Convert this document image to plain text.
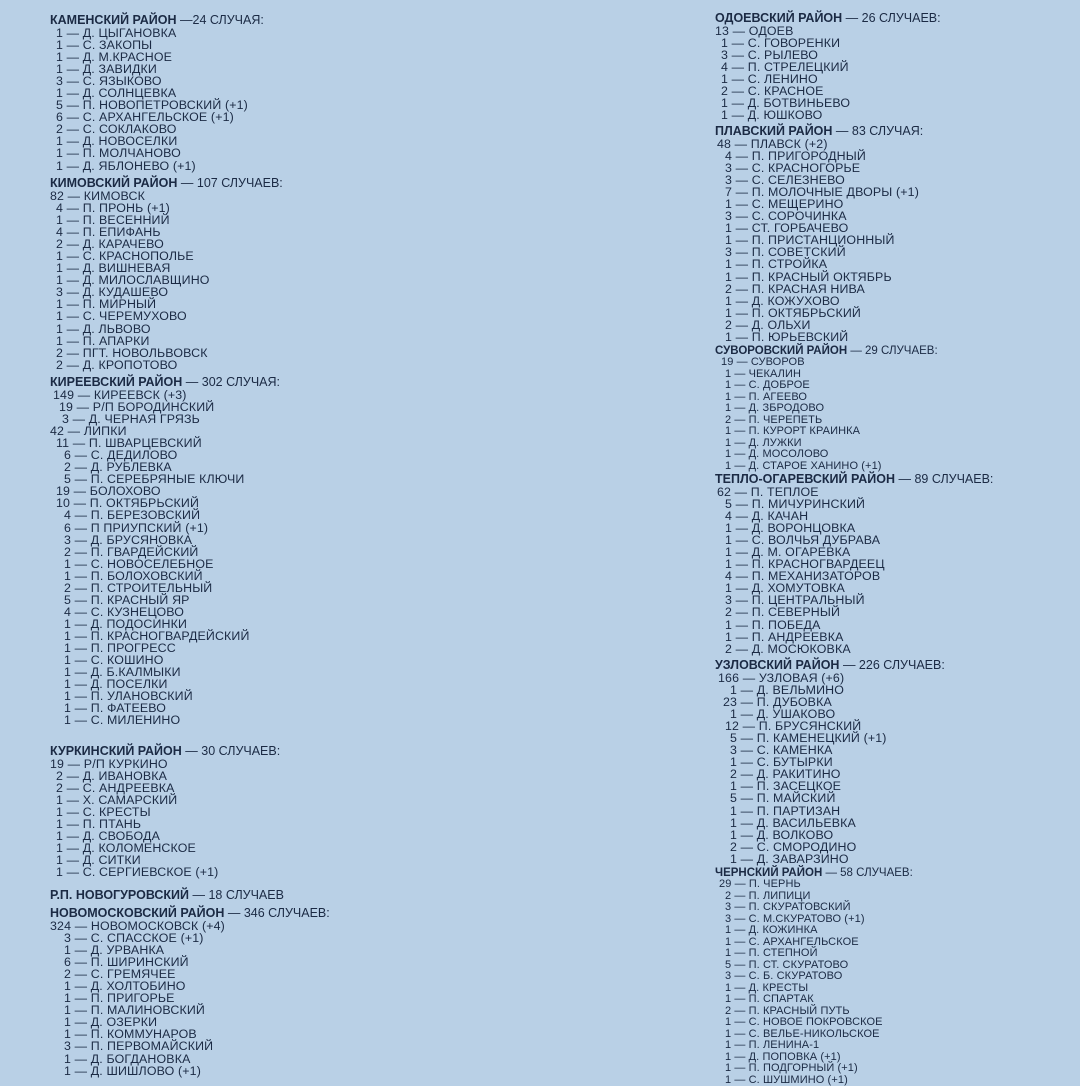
КАМЕНСКИЙ РАЙОН —24 СЛУЧАЯ:
1 — Д. ЦЫГАНОВКА
1 — С. ЗАКОПЫ
1 — Д. М.КРАСНОЕ
1 — Д. ЗАВИДКИ
3 — С. ЯЗЫКОВО
1 — Д. СОЛНЦЕВКА
5 — П. НОВОПЕТРОВСКИЙ (+1)
6 — С. АРХАНГЕЛЬСКОЕ (+1)
2 — С. СОКЛАКОВО
1 — Д. НОВОСЕЛКИ
1 — П. МОЛЧАНОВО
1 — Д. ЯБЛОНЕВО (+1)
КИМОВСКИЙ РАЙОН — 107 СЛУЧАЕВ:
82 — КИМОВСК
4 — П. ПРОНЬ (+1)
1 — П. ВЕСЕННИЙ
4 — П. ЕПИФАНЬ
2 — Д. КАРАЧЕВО
1 — С. КРАСНОПОЛЬЕ
1 — Д. ВИШНЕВАЯ
1 — Д. МИЛОСЛАВЩИНО
3 — Д. КУДАШЕВО
1 — П. МИРНЫЙ
1 — С. ЧЕРЕМУХОВО
1 — Д. ЛЬВОВО
1 — П. АПАРКИ
2 — ПГТ. НОВОЛЬВОВСК
2 — Д. КРОПОТОВО
КИРЕЕВСКИЙ РАЙОН — 302 СЛУЧАЯ:
149 — КИРЕЕВСК (+3)
19 — Р/П БОРОДИНСКИЙ
3 — Д. ЧЕРНАЯ ГРЯЗЬ
42 — ЛИПКИ
11 — П. ШВАРЦЕВСКИЙ
6 — С. ДЕДИЛОВО
2 — Д. РУБЛЕВКА
5 — П. СЕРЕБРЯНЫЕ КЛЮЧИ
19 — БОЛОХОВО
10 — П. ОКТЯБРЬСКИЙ
4 — П. БЕРЕЗОВСКИЙ
6 — П ПРИУПСКИЙ (+1)
3 — Д. БРУСЯНОВКА
2 — П. ГВАРДЕЙСКИЙ
1 — С. НОВОСЕЛЕБНОЕ
1 — П. БОЛОХОВСКИЙ
2 — П. СТРОИТЕЛЬНЫЙ
5 — П. КРАСНЫЙ ЯР
4 — С. КУЗНЕЦОВО
1 — Д. ПОДОСИНКИ
1 — П. КРАСНОГВАРДЕЙСКИЙ
1 — П. ПРОГРЕСС
1 — С. КОШИНО
1 — Д. Б.КАЛМЫКИ
1 — Д. ПОСЕЛКИ
1 — П. УЛАНОВСКИЙ
1 — П. ФАТЕЕВО
1 — С. МИЛЕНИНО
КУРКИНСКИЙ РАЙОН — 30 СЛУЧАЕВ:
19 — Р/П КУРКИНО
2 — Д. ИВАНОВКА
2 — С. АНДРЕЕВКА
1 — Х. САМАРСКИЙ
1 — С. КРЕСТЫ
1 — П. ПТАНЬ
1 — Д. СВОБОДА
1 — Д. КОЛОМЕНСКОЕ
1 — Д. СИТКИ
1 — С. СЕРГИЕВСКОЕ (+1)
Р.П. НОВОГУРОВСКИЙ — 18 СЛУЧАЕВ
НОВОМОСКОВСКИЙ РАЙОН — 346 СЛУЧАЕВ:
324 — НОВОМОСКОВСК (+4)
3 — С. СПАССКОЕ (+1)
1 — Д. УРВАНКА
6 — П. ШИРИНСКИЙ
2 — С. ГРЕМЯЧЕЕ
1 — Д. ХОЛТОБИНО
1 — П. ПРИГОРЬЕ
1 — П. МАЛИНОВСКИЙ
1 — Д. ОЗЕРКИ
1 — П. КОММУНАРОВ
3 — П. ПЕРВОМАЙСКИЙ
1 — Д. БОГДАНОВКА
1 — Д. ШИШЛОВО (+1)
ОДОЕВСКИЙ РАЙОН — 26 СЛУЧАЕВ:
13 — ОДОЕВ
1 — С. ГОВОРЕНКИ
3 — С. РЫЛЕВО
4 — П. СТРЕЛЕЦКИЙ
1 — С. ЛЕНИНО
2 — С. КРАСНОЕ
1 — Д. БОТВИНЬЕВО
1 — Д. ЮШКОВО
ПЛАВСКИЙ РАЙОН — 83 СЛУЧАЯ:
48 — ПЛАВСК (+2)
4 — П. ПРИГОРОДНЫЙ
3 — С. КРАСНОГОРЬЕ
3 — С. СЕЛЕЗНЕВО
7 — П. МОЛОЧНЫЕ ДВОРЫ (+1)
1 — С. МЕЩЕРИНО
3 — С. СОРОЧИНКА
1 — СТ. ГОРБАЧЕВО
1 — П. ПРИСТАНЦИОННЫЙ
3 — П. СОВЕТСКИЙ
1 — П. СТРОЙКА
1 — П. КРАСНЫЙ ОКТЯБРЬ
2 — П. КРАСНАЯ НИВА
1 — Д. КОЖУХОВО
1 — П. ОКТЯБРЬСКИЙ
2 — Д. ОЛЬХИ
1 — П. ЮРЬЕВСКИЙ
СУВОРОВСКИЙ РАЙОН — 29 СЛУЧАЕВ:
19 — СУВОРОВ
1 — ЧЕКАЛИН
1 — С. ДОБРОЕ
1 — П. АГЕЕВО
1 — Д. ЗБРОДОВО
2 — П. ЧЕРЕПЕТЬ
1 — П. КУРОРТ КРАИНКА
1 — Д. ЛУЖКИ
1 — Д. МОСОЛОВО
1 — Д. СТАРОЕ ХАНИНО (+1)
ТЕПЛО-ОГАРЕВСКИЙ РАЙОН — 89 СЛУЧАЕВ:
62 — П. ТЕПЛОЕ
5 — П. МИЧУРИНСКИЙ
4 — Д. КАЧАН
1 — Д. ВОРОНЦОВКА
1 — С. ВОЛЧЬЯ ДУБРАВА
1 — Д. М. ОГАРЕВКА
1 — П. КРАСНОГВАРДЕЕЦ
4 — П. МЕХАНИЗАТОРОВ
1 — Д. ХОМУТОВКА
3 — П. ЦЕНТРАЛЬНЫЙ
2 — П. СЕВЕРНЫЙ
1 — П. ПОБЕДА
1 — П. АНДРЕЕВКА
2 — Д. МОСЮКОВКА
УЗЛОВСКИЙ РАЙОН — 226 СЛУЧАЕВ:
166 — УЗЛОВАЯ (+6)
1 — Д. ВЕЛЬМИНО
23 — П. ДУБОВКА
1 — Д. УШАКОВО
12 — П. БРУСЯНСКИЙ
5 — П. КАМЕНЕЦКИЙ (+1)
3 — С. КАМЕНКА
1 — С. БУТЫРКИ
2 — Д. РАКИТИНО
1 — П. ЗАСЕЦКОЕ
5 — П. МАЙСКИЙ
1 — П. ПАРТИЗАН
1 — Д. ВАСИЛЬЕВКА
1 — Д. ВОЛКОВО
2 — С. СМОРОДИНО
1 — Д. ЗАВАРЗИНО
ЧЕРНСКИЙ РАЙОН — 58 СЛУЧАЕВ:
29 — П. ЧЕРНЬ
2 — П. ЛИПИЦИ
3 — П. СКУРАТОВСКИЙ
3 — С. М.СКУРАТОВО (+1)
1 — Д. КОЖИНКА
1 — С. АРХАНГЕЛЬСКОЕ
1 — П. СТЕПНОЙ
5 — П. СТ. СКУРАТОВО
3 — С. Б. СКУРАТОВО
1 — Д. КРЕСТЫ
1 — П. СПАРТАК
2 — П. КРАСНЫЙ ПУТЬ
1 — С. НОВОЕ ПОКРОВСКОЕ
1 — С. ВЕЛЬЕ-НИКОЛЬСКОЕ
1 — П. ЛЕНИНА-1
1 — Д. ПОПОВКА (+1)
1 — П. ПОДГОРНЫЙ (+1)
1 — С. ШУШМИНО (+1)
